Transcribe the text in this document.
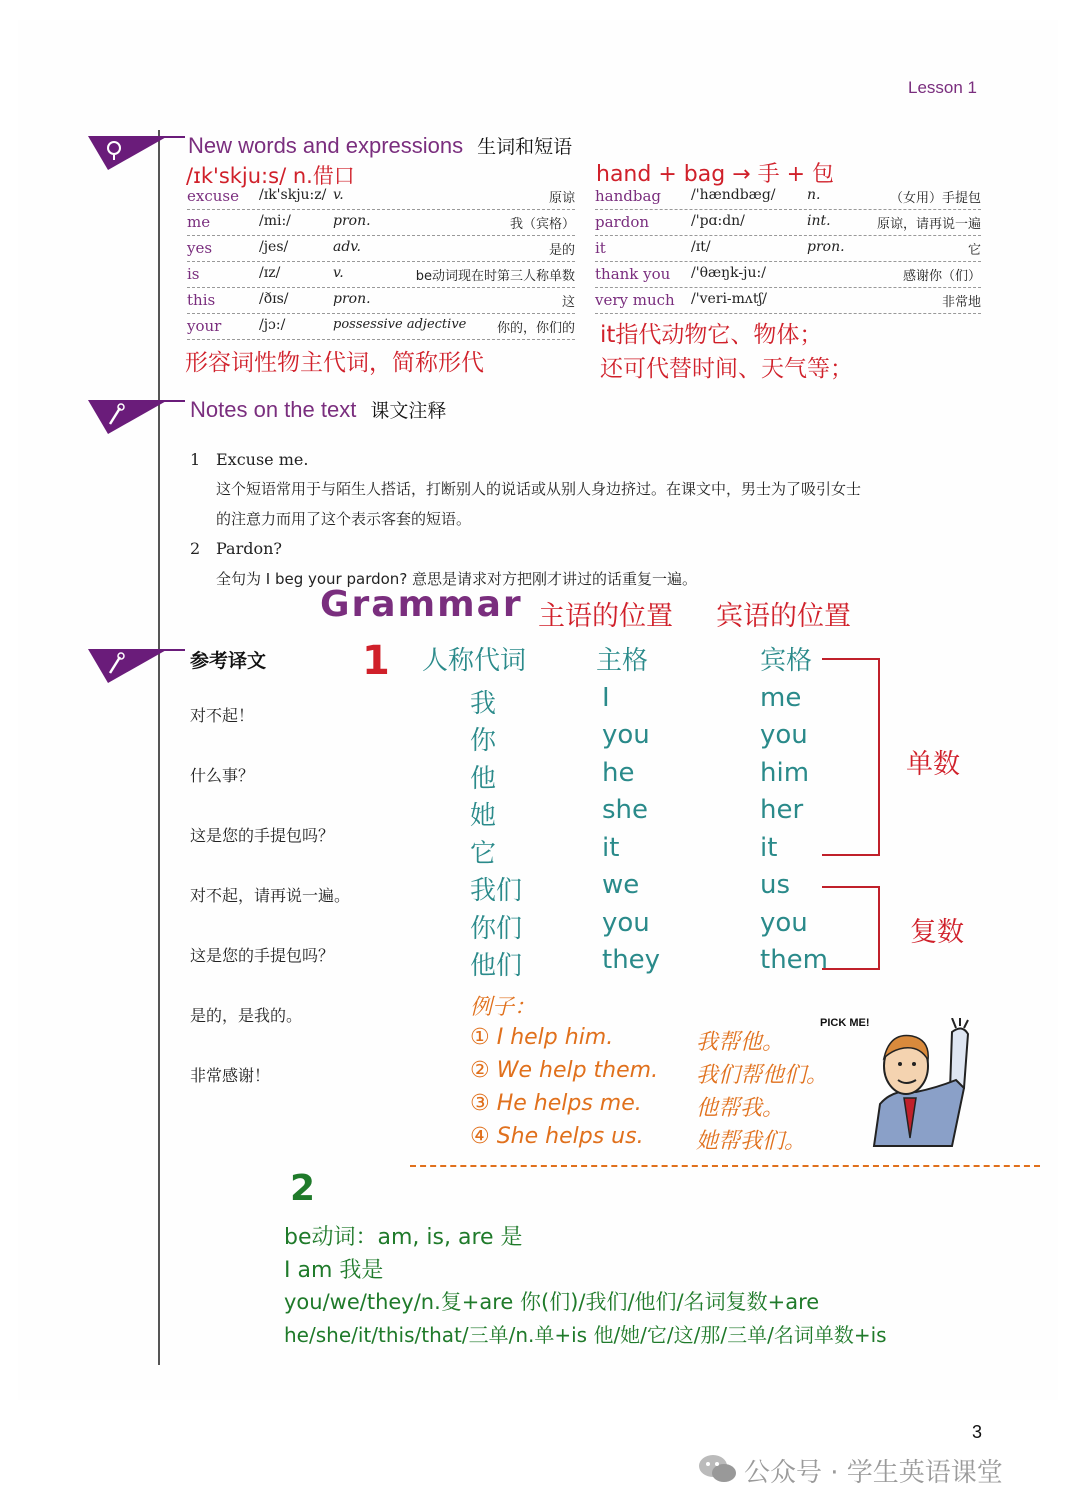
Lesson 1
New words and expressions 生词和短语
/ɪk'skju:s/ n.借口	hand + bag → 手 + 包
excuse /ɪk'skju:z/ v.	原谅
me	/mi:/	pron.	我（宾格）
yes	/jes/	adv.	是的
is	/ɪz/	v.	be动词现在时第三人称单数
this	/ðɪs/	pron.	这
your	/jɔ:/	possessive adjective 你的，你们的
handbag /'hændbæg/ n.	（女用）手提包
pardon	/'pɑ:dn/	int.	原谅，请再说一遍
it	/ɪt/	pron.	它
thank you /'θæŋk-ju:/	感谢你（们）
very much /'veri-mʌtʃ/	非常地
形容词性物主代词，简称形代
it指代动物它、物体；
还可代替时间、天气等；
Notes on the text 课文注释
1 Excuse me.
这个短语常用于与陌生人搭话，打断别人的说话或从别人身边挤过。在课文中，男士为了吸引女士
的注意力而用了这个表示客套的短语。
2 Pardon?
全句为 I beg your pardon? 意思是请求对方把刚才讲过的话重复一遍。
Grammar 主语的位置 宾语的位置
参考译文
对不起！
什么事？
这是您的手提包吗？
对不起，请再说一遍。
这是您的手提包吗？
是的，是我的。
非常感谢！
1 人称代词	主格	宾格
我	I	me
你	you	you
他	he	him
她	she	her
它	it	it
我们	we	us
你们	you	you
他们	they	them
单数
复数
例子：
① I help him.	我帮他。
② We help them. 我们帮他们。
③ He helps me. 他帮我。
④ She helps us. 她帮我们。
PICK ME!
2
be动词：am, is, are 是
I am 我是
you/we/they/n.复+are 你(们)/我们/他们/名词复数+are
he/she/it/this/that/三单/n.单+is 他/她/它/这/那/三单/名词单数+is
3
公众号 · 学生英语课堂
